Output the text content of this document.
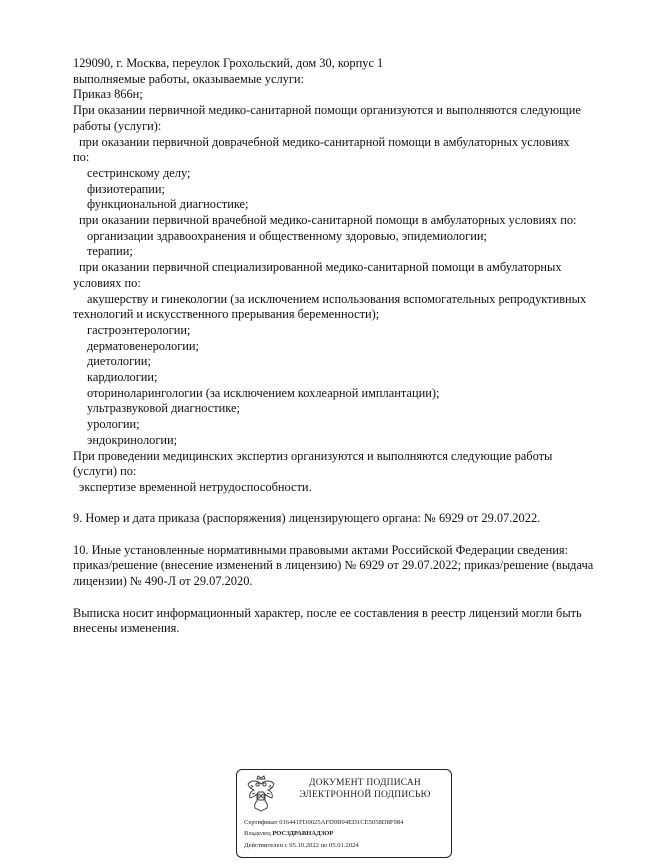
129090, г. Москва, переулок Грохольский, дом 30, корпус 1
выполняемые работы, оказываемые услуги:
Приказ 866н;
При оказании первичной медико-санитарной помощи организуются и выполняются следующие
работы (услуги):
при оказании первичной доврачебной медико-санитарной помощи в амбулаторных условиях
по:
сестринскому делу;
физиотерапии;
функциональной диагностике;
при оказании первичной врачебной медико-санитарной помощи в амбулаторных условиях по:
организации здравоохранения и общественному здоровью, эпидемиологии;
терапии;
при оказании первичной специализированной медико-санитарной помощи в амбулаторных
условиях по:
акушерству и гинекологии (за исключением использования вспомогательных репродуктивных
технологий и искусственного прерывания беременности);
гастроэнтерологии;
дерматовенерологии;
диетологии;
кардиологии;
оториноларингологии (за исключением кохлеарной имплантации);
ультразвуковой диагностике;
урологии;
эндокринологии;
При проведении медицинских экспертиз организуются и выполняются следующие работы
(услуги) по:
экспертизе временной нетрудоспособности.
9. Номер и дата приказа (распоряжения) лицензирующего органа: № 6929 от 29.07.2022.
10. Иные установленные нормативными правовыми актами Российской Федерации сведения:
приказ/решение (внесение изменений в лицензию) № 6929 от 29.07.2022; приказ/решение (выдача
лицензии) № 490-Л от 29.07.2020.
Выписка носит информационный характер, после ее составления в реестр лицензий могли быть
внесены изменения.
ДОКУМЕНТ ПОДПИСАН
ЭЛЕКТРОННОЙ ПОДПИСЬЮ
Сертификат 016441FD0025AFD9B94ED1CE5058D8F984
Владелец РОСЗДРАВНАДЗОР
Действителен с 05.10.2022 по 05.01.2024
